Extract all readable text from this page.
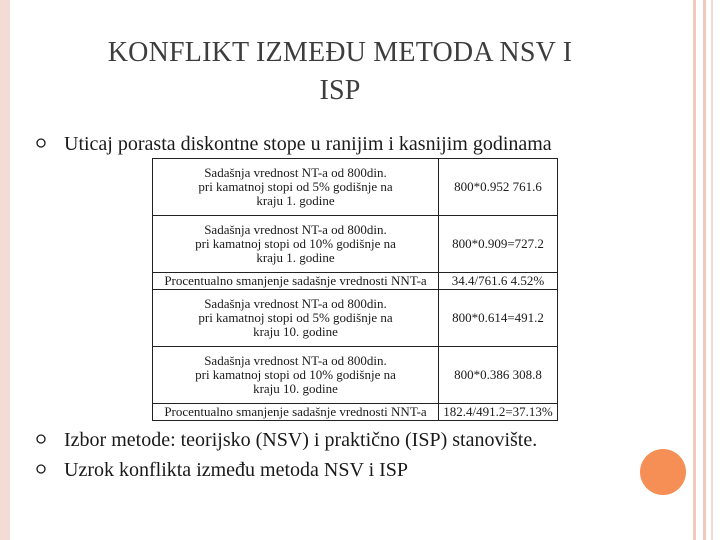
KONFLIKT IZMEĐU METODA NSV I
ISP
Uticaj porasta diskontne stope u ranijim i kasnijim godinama
Sadašnja vrednost NT-a od 800din.
pri kamatnoj stopi od 5% godišnje na
kraju 1. godine	800*0.952 761.6

Sadašnja vrednost NT-a od 800din.
pri kamatnoj stopi od 10% godišnje na
kraju 1. godine	800*0.909=727.2
Procentualno smanjenje sadašnje vrednosti NNT-a	34.4/761.6 4.52%

Sadašnja vrednost NT-a od 800din.
pri kamatnoj stopi od 5% godišnje na
kraju 10. godine	800*0.614=491.2

Sadašnja vrednost NT-a od 800din.
pri kamatnoj stopi od 10% godišnje na
kraju 10. godine	800*0.386 308.8
Procentualno smanjenje sadašnje vrednosti NNT-a	182.4/491.2=37.13%
Izbor metode: teorijsko (NSV) i praktično (ISP) stanovište.
Uzrok konflikta između metoda NSV i ISP
